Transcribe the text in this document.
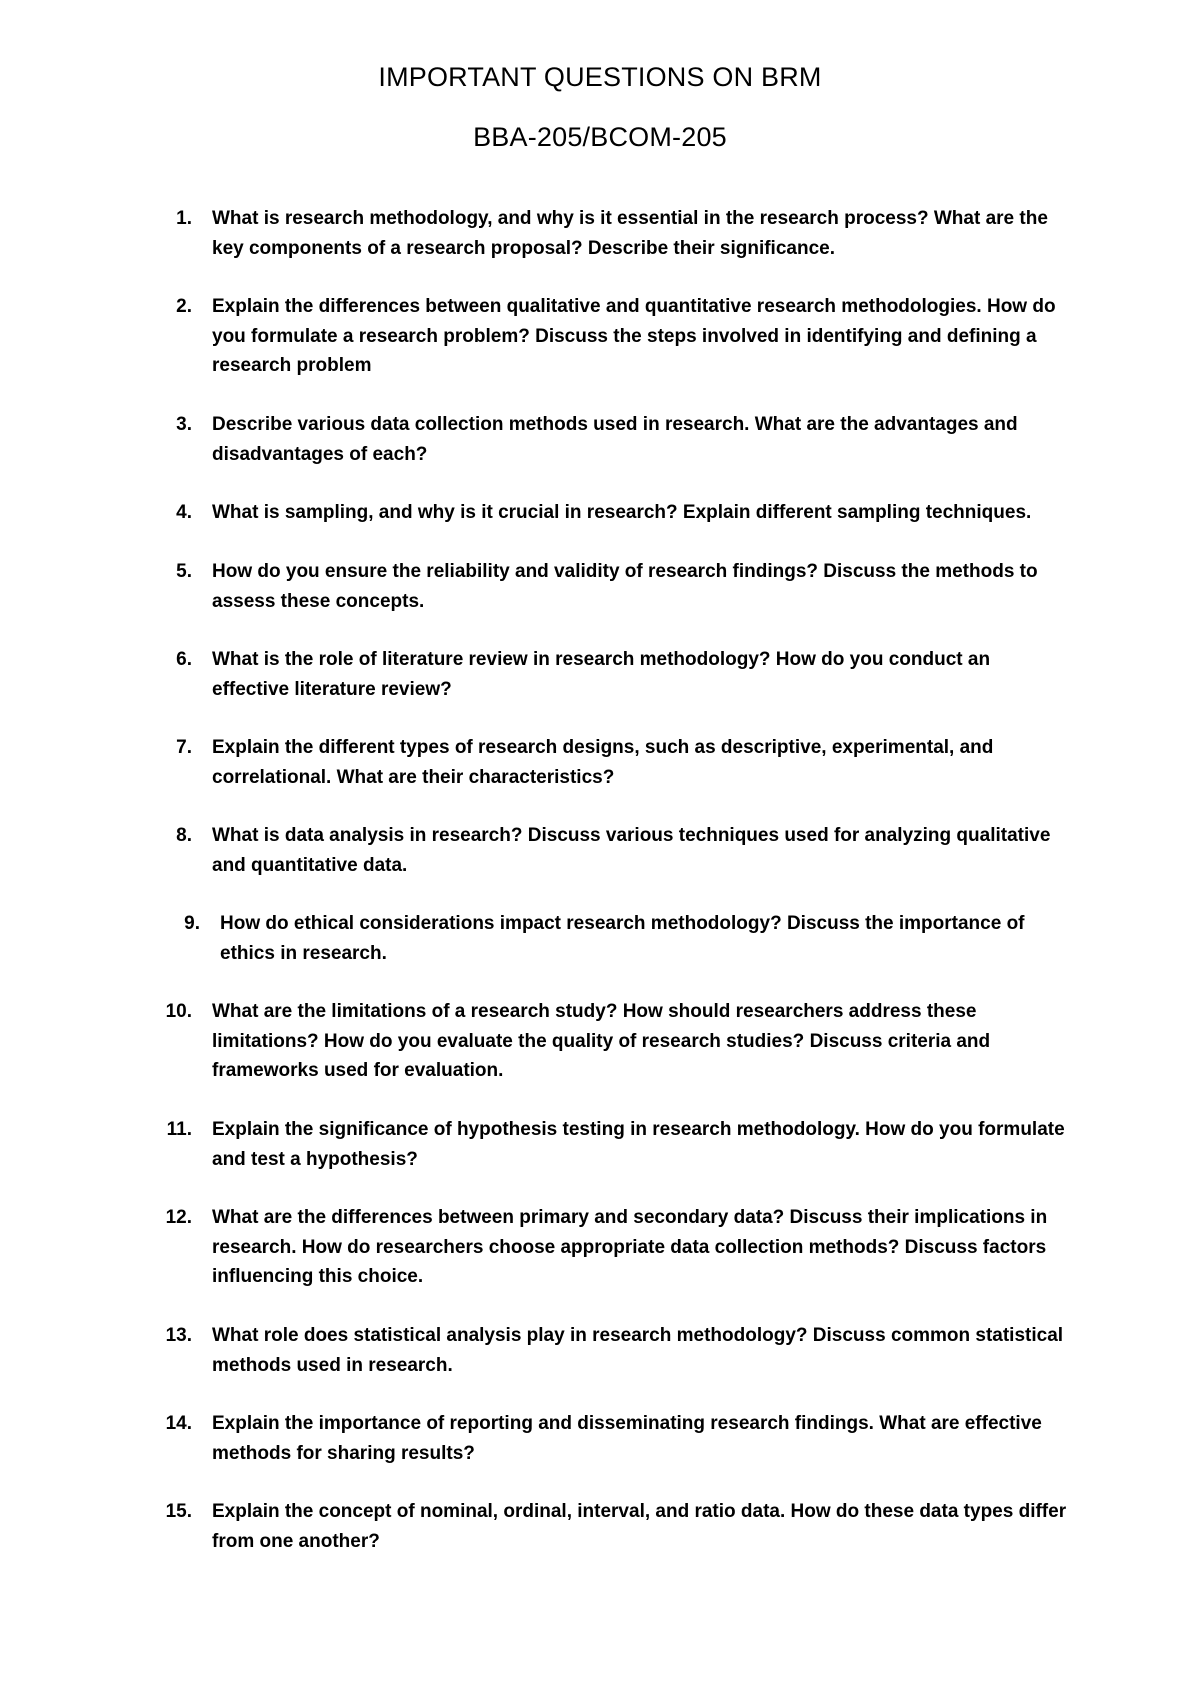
IMPORTANT QUESTIONS ON BRM
BBA-205/BCOM-205
1. What is research methodology, and why is it essential in the research process? What are the key components of a research proposal? Describe their significance.
2. Explain the differences between qualitative and quantitative research methodologies. How do you formulate a research problem? Discuss the steps involved in identifying and defining a research problem
3. Describe various data collection methods used in research. What are the advantages and disadvantages of each?
4. What is sampling, and why is it crucial in research? Explain different sampling techniques.
5. How do you ensure the reliability and validity of research findings? Discuss the methods to assess these concepts.
6. What is the role of literature review in research methodology? How do you conduct an effective literature review?
7. Explain the different types of research designs, such as descriptive, experimental, and correlational. What are their characteristics?
8. What is data analysis in research? Discuss various techniques used for analyzing qualitative and quantitative data.
9. How do ethical considerations impact research methodology? Discuss the importance of ethics in research.
10. What are the limitations of a research study? How should researchers address these limitations? How do you evaluate the quality of research studies? Discuss criteria and frameworks used for evaluation.
11. Explain the significance of hypothesis testing in research methodology. How do you formulate and test a hypothesis?
12. What are the differences between primary and secondary data? Discuss their implications in research. How do researchers choose appropriate data collection methods? Discuss factors influencing this choice.
13. What role does statistical analysis play in research methodology? Discuss common statistical methods used in research.
14. Explain the importance of reporting and disseminating research findings. What are effective methods for sharing results?
15. Explain the concept of nominal, ordinal, interval, and ratio data. How do these data types differ from one another?
